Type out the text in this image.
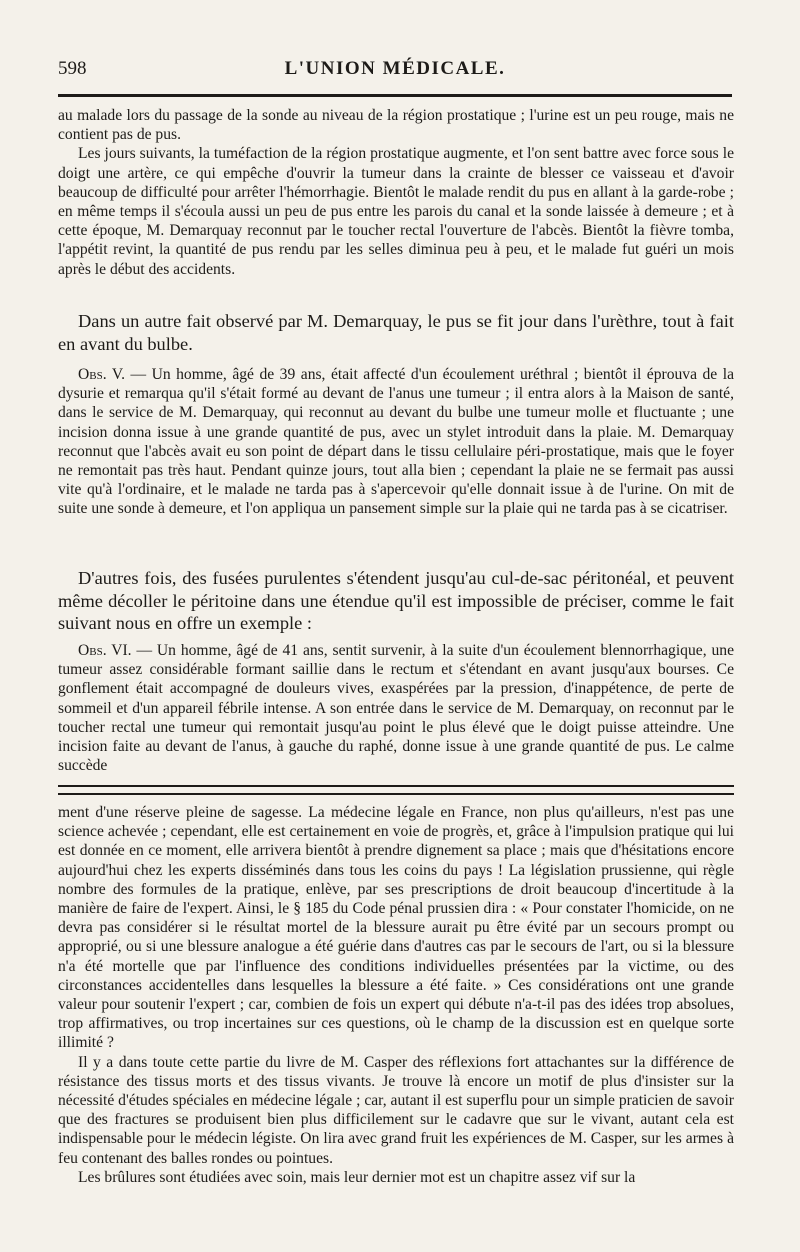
598	L'UNION MÉDICALE.

au malade lors du passage de la sonde au niveau de la région prostatique ; l'urine est un peu rouge, mais ne contient pas de pus.

Les jours suivants, la tuméfaction de la région prostatique augmente, et l'on sent battre avec force sous le doigt une artère, ce qui empêche d'ouvrir la tumeur dans la crainte de blesser ce vaisseau et d'avoir beaucoup de difficulté pour arrêter l'hémorrhagie. Bientôt le malade rendit du pus en allant à la garde-robe ; en même temps il s'écoula aussi un peu de pus entre les parois du canal et la sonde laissée à demeure ; et à cette époque, M. Demarquay reconnut par le toucher rectal l'ouverture de l'abcès. Bientôt la fièvre tomba, l'appétit revint, la quantité de pus rendu par les selles diminua peu à peu, et le malade fut guéri un mois après le début des accidents.

Dans un autre fait observé par M. Demarquay, le pus se fit jour dans l'urèthre, tout à fait en avant du bulbe.

Obs. V. — Un homme, âgé de 39 ans, était affecté d'un écoulement uréthral ; bientôt il éprouva de la dysurie et remarqua qu'il s'était formé au devant de l'anus une tumeur ; il entra alors à la Maison de santé, dans le service de M. Demarquay, qui reconnut au devant du bulbe une tumeur molle et fluctuante ; une incision donna issue à une grande quantité de pus, avec un stylet introduit dans la plaie. M. Demarquay reconnut que l'abcès avait eu son point de départ dans le tissu cellulaire péri-prostatique, mais que le foyer ne remontait pas très haut. Pendant quinze jours, tout alla bien ; cependant la plaie ne se fermait pas aussi vite qu'à l'ordinaire, et le malade ne tarda pas à s'apercevoir qu'elle donnait issue à de l'urine. On mit de suite une sonde à demeure, et l'on appliqua un pansement simple sur la plaie qui ne tarda pas à se cicatriser.

D'autres fois, des fusées purulentes s'étendent jusqu'au cul-de-sac péritonéal, et peuvent même décoller le péritoine dans une étendue qu'il est impossible de préciser, comme le fait suivant nous en offre un exemple :

Obs. VI. — Un homme, âgé de 41 ans, sentit survenir, à la suite d'un écoulement blennorrhagique, une tumeur assez considérable formant saillie dans le rectum et s'étendant en avant jusqu'aux bourses. Ce gonflement était accompagné de douleurs vives, exaspérées par la pression, d'inappétence, de perte de sommeil et d'un appareil fébrile intense. A son entrée dans le service de M. Demarquay, on reconnut par le toucher rectal une tumeur qui remontait jusqu'au point le plus élevé que le doigt puisse atteindre. Une incision faite au devant de l'anus, à gauche du raphé, donne issue à une grande quantité de pus. Le calme succède

ment d'une réserve pleine de sagesse. La médecine légale en France, non plus qu'ailleurs, n'est pas une science achevée ; cependant, elle est certainement en voie de progrès, et, grâce à l'impulsion pratique qui lui est donnée en ce moment, elle arrivera bientôt à prendre dignement sa place ; mais que d'hésitations encore aujourd'hui chez les experts disséminés dans tous les coins du pays ! La législation prussienne, qui règle nombre des formules de la pratique, enlève, par ses prescriptions de droit beaucoup d'incertitude à la manière de faire de l'expert. Ainsi, le § 185 du Code pénal prussien dira : « Pour constater l'homicide, on ne devra pas considérer si le résultat mortel de la blessure aurait pu être évité par un secours prompt ou approprié, ou si une blessure analogue a été guérie dans d'autres cas par le secours de l'art, ou si la blessure n'a été mortelle que par l'influence des conditions individuelles présentées par la victime, ou des circonstances accidentelles dans lesquelles la blessure a été faite. » Ces considérations ont une grande valeur pour soutenir l'expert ; car, combien de fois un expert qui débute n'a-t-il pas des idées trop absolues, trop affirmatives, ou trop incertaines sur ces questions, où le champ de la discussion est en quelque sorte illimité ?

Il y a dans toute cette partie du livre de M. Casper des réflexions fort attachantes sur la différence de résistance des tissus morts et des tissus vivants. Je trouve là encore un motif de plus d'insister sur la nécessité d'études spéciales en médecine légale ; car, autant il est superflu pour un simple praticien de savoir que des fractures se produisent bien plus difficilement sur le cadavre que sur le vivant, autant cela est indispensable pour le médecin légiste. On lira avec grand fruit les expériences de M. Casper, sur les armes à feu contenant des balles rondes ou pointues.

Les brûlures sont étudiées avec soin, mais leur dernier mot est un chapitre assez vif sur la
